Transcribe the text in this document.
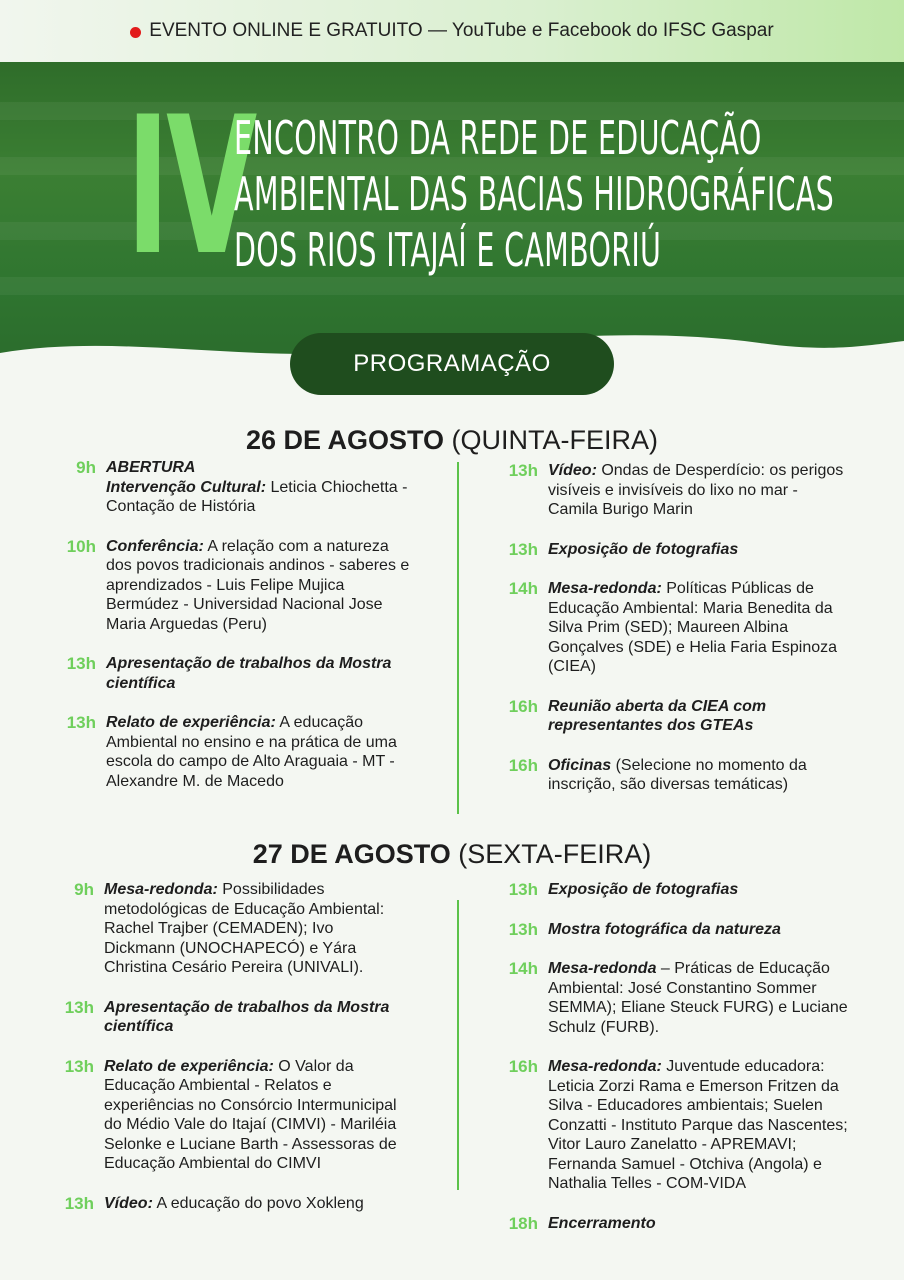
EVENTO ONLINE E GRATUITO — YouTube e Facebook do IFSC Gaspar
IV
ENCONTRO DA REDE DE EDUCAÇÃO
AMBIENTAL DAS BACIAS HIDROGRÁFICAS
DOS RIOS ITAJAÍ E CAMBORIÚ
PROGRAMAÇÃO
26 DE AGOSTO (QUINTA-FEIRA)
9h ABERTURA
Intervenção Cultural: Leticia Chiochetta - Contação de História
10h Conferência: A relação com a natureza dos povos tradicionais andinos - saberes e aprendizados - Luis Felipe Mujica Bermúdez - Universidad Nacional Jose Maria Arguedas (Peru)
13h Apresentação de trabalhos da Mostra científica
13h Relato de experiência: A educação Ambiental no ensino e na prática de uma escola do campo de Alto Araguaia - MT - Alexandre M. de Macedo
13h Vídeo: Ondas de Desperdício: os perigos visíveis e invisíveis do lixo no mar - Camila Burigo Marin
13h Exposição de fotografias
14h Mesa-redonda: Políticas Públicas de Educação Ambiental: Maria Benedita da Silva Prim (SED); Maureen Albina Gonçalves (SDE) e Helia Faria Espinoza (CIEA)
16h Reunião aberta da CIEA com representantes dos GTEAs
16h Oficinas (Selecione no momento da inscrição, são diversas temáticas)
27 DE AGOSTO (SEXTA-FEIRA)
9h Mesa-redonda: Possibilidades metodológicas de Educação Ambiental: Rachel Trajber (CEMADEN); Ivo Dickmann (UNOCHAPECÓ) e Yára Christina Cesário Pereira (UNIVALI).
13h Apresentação de trabalhos da Mostra científica
13h Relato de experiência: O Valor da Educação Ambiental - Relatos e experiências no Consórcio Intermunicipal do Médio Vale do Itajaí (CIMVI) - Mariléia Selonke e Luciane Barth - Assessoras de Educação Ambiental do CIMVI
13h Vídeo: A educação do povo Xokleng
13h Exposição de fotografias
13h Mostra fotográfica da natureza
14h Mesa-redonda – Práticas de Educação Ambiental: José Constantino Sommer SEMMA); Eliane Steuck FURG) e Luciane Schulz (FURB).
16h Mesa-redonda: Juventude educadora: Leticia Zorzi Rama e Emerson Fritzen da Silva - Educadores ambientais; Suelen Conzatti - Instituto Parque das Nascentes; Vitor Lauro Zanelatto - APREMAVI; Fernanda Samuel - Otchiva (Angola) e Nathalia Telles - COM-VIDA
18h Encerramento
